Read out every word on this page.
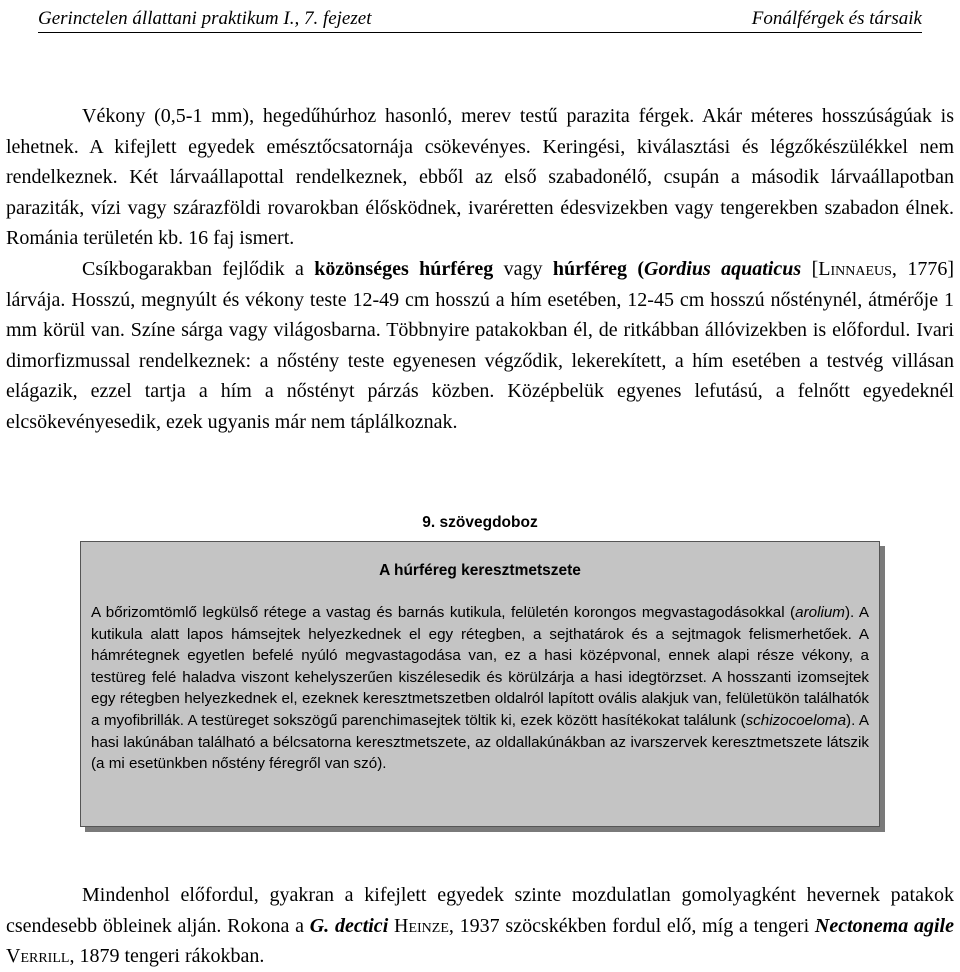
Gerinctelen állattani praktikum I., 7. fejezet	Fonálférgek és társaik

Vékony (0,5-1 mm), hegedűhúrhoz hasonló, merev testű parazita férgek. Akár méteres hosszúságúak is lehetnek. A kifejlett egyedek emésztőcsatornája csökevényes. Keringési, kiválasztási és légzőkészülékkel nem rendelkeznek. Két lárvaállapottal rendelkeznek, ebből az első szabadonélő, csupán a második lárvaállapotban paraziták, vízi vagy szárazföldi rovarokban élősködnek, ivaréretten édesvizekben vagy tengerekben szabadon élnek. Románia területén kb. 16 faj ismert.

Csíkbogarakban fejlődik a közönséges húrféreg vagy húrféreg (Gordius aquaticus [Linnaeus, 1776] lárvája. Hosszú, megnyúlt és vékony teste 12-49 cm hosszú a hím esetében, 12-45 cm hosszú nősténynél, átmérője 1 mm körül van. Színe sárga vagy világosbarna. Többnyire patakokban él, de ritkábban állóvizekben is előfordul. Ivari dimorfizmussal rendelkeznek: a nőstény teste egyenesen végződik, lekerekített, a hím esetében a testvég villásan elágazik, ezzel tartja a hím a nőstényt párzás közben. Középbelük egyenes lefutású, a felnőtt egyedeknél elcsökevényesedik, ezek ugyanis már nem táplálkoznak.

9. szövegdoboz
A húrféreg keresztmetszete

A bőrizomtömlő legkülső rétege a vastag és barnás kutikula, felületén korongos megvastagodásokkal (arolium). A kutikula alatt lapos hámsejtek helyezkednek el egy rétegben, a sejthatárok és a sejtmagok felismerhetőek. A hámrétegnek egyetlen befelé nyúló megvastagodása van, ez a hasi középvonal, ennek alapi része vékony, a testüreg felé haladva viszont kehelyszerűen kiszélesedik és körülzárja a hasi idegtörzset. A hosszanti izomsejtek egy rétegben helyezkednek el, ezeknek keresztmetszetben oldalról lapított ovális alakjuk van, felületükön találhatók a myofibrillák. A testüreget sokszögű parenchimasejtek töltik ki, ezek között hasítékokat találunk (schizocoeloma). A hasi lakúnában található a bélcsatorna keresztmetszete, az oldallakúnákban az ivarszervek keresztmetszete látszik (a mi esetünkben nőstény féregről van szó).

Mindenhol előfordul, gyakran a kifejlett egyedek szinte mozdulatlan gomolyagként hevernek patakok csendesebb öbleinek alján. Rokona a G. dectici Heinze, 1937 szöcskékben fordul elő, míg a tengeri Nectonema agile Verrill, 1879 tengeri rákokban.
